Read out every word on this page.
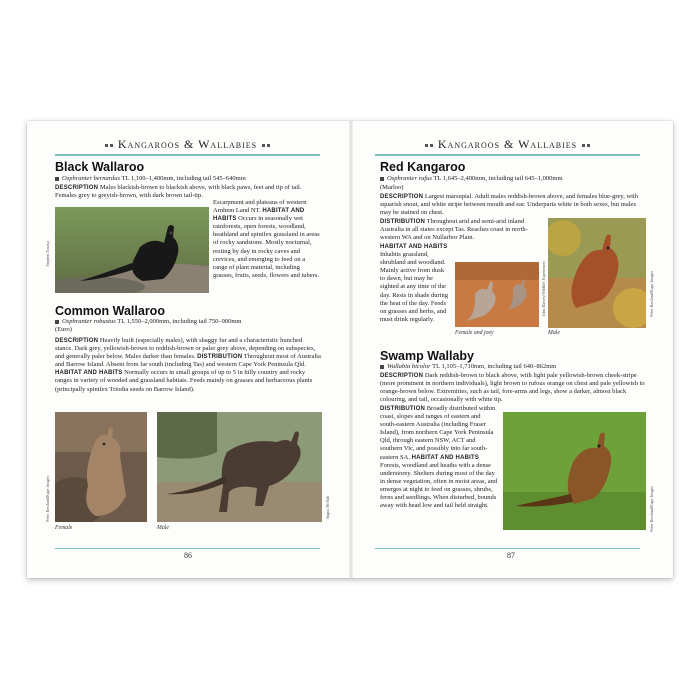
Kangaroos & Wallabies
Black Wallaroo
Osphranter bernardus TL 1,100–1,400mm, including tail 545–640mm
DESCRIPTION Males blackish-brown to blackish above, with black paws, feet and tip of tail. Females grey to greyish-brown, with dark brown tail-tip.
Stephen Zozaya
Escarpment and plateaus of western Arnhem Land NT. HABITAT AND HABITS Occurs in seasonally wet rainforests, open forests, woodland, heathland and spinifex grassland in areas of rocky sandstone. Mostly nocturnal, resting by day in rocky caves and crevices, and emerging to feed on a range of plant material, including grasses, fruits, seeds, flowers and tubers.
Common Wallaroo
Osphranter robustus TL 1,550–2,000mm, including tail 750–900mm
(Euro)
DESCRIPTION Heavily built (especially males), with shaggy fur and a characteristic hunched stance. Dark grey, yellowish-brown to reddish-brown or paler grey above, depending on subspecies, and generally paler below. Males darker than females. DISTRIBUTION Throughout most of Australia and Barrow Island. Absent from far south (including Tas) and western Cape York Peninsula Qld. HABITAT AND HABITS Normally occurs in small groups of up to 5 in hilly country and rocky ranges in variety of wooded and grassland habitats. Feeds mainly on grasses and herbaceous plants (principally spinifex Triodia seeds on Barrow Island).
Peter Rowland/Kape Images	Angus McNab
Female	Male
86
Kangaroos & Wallabies
Red Kangaroo
Osphranter rufus TL 1,645–2,400mm, including tail 645–1,000mm
(Marloo)
DESCRIPTION Largest marsupial. Adult males reddish-brown above, and females blue-grey, with squarish snout, and white stripe between mouth and ear. Underparts white in both sexes, but males may be stained on chest.
DISTRIBUTION Throughout arid and semi-arid inland Australia in all states except Tas. Reaches coast in north-western WA and on Nullarbor Plain.
HABITAT AND HABITS Inhabits grassland, shrubland and woodland. Mainly active from dusk to dawn, but may be sighted at any time of the day. Rests in shade during the heat of the day. Feeds on grasses and herbs, and must drink regularly.
John Harvey/Wildlife Experiences	Peter Rowland/Kape Images
Female and joey	Male
Swamp Wallaby
Wallabia bicolor TL 1,105–1,710mm, including tail 640–862mm
DESCRIPTION Dark reddish-brown to black above, with light pale yellowish-brown cheek-stripe (more prominent in northern individuals), light brown to rufous orange on chest and pale yellowish to orange-brown below. Extremities, such as tail, fore-arms and legs, show a darker, almost black colouring, and tail, occasionally with white tip.
DISTRIBUTION Broadly distributed within coast, slopes and ranges of eastern and south-eastern Australia (including Fraser Island), from northern Cape York Peninsula Qld, through eastern NSW, ACT and southern Vic, and possibly into far south-eastern SA. HABITAT AND HABITS Forests, woodland and heaths with a dense understorey. Shelters during most of the day in dense vegetation, often in moist areas, and emerges at night to feed on grasses, shrubs, ferns and seedlings. When disturbed, bounds away with head low and tail held straight.	Peter Rowland/Kape Images
87
